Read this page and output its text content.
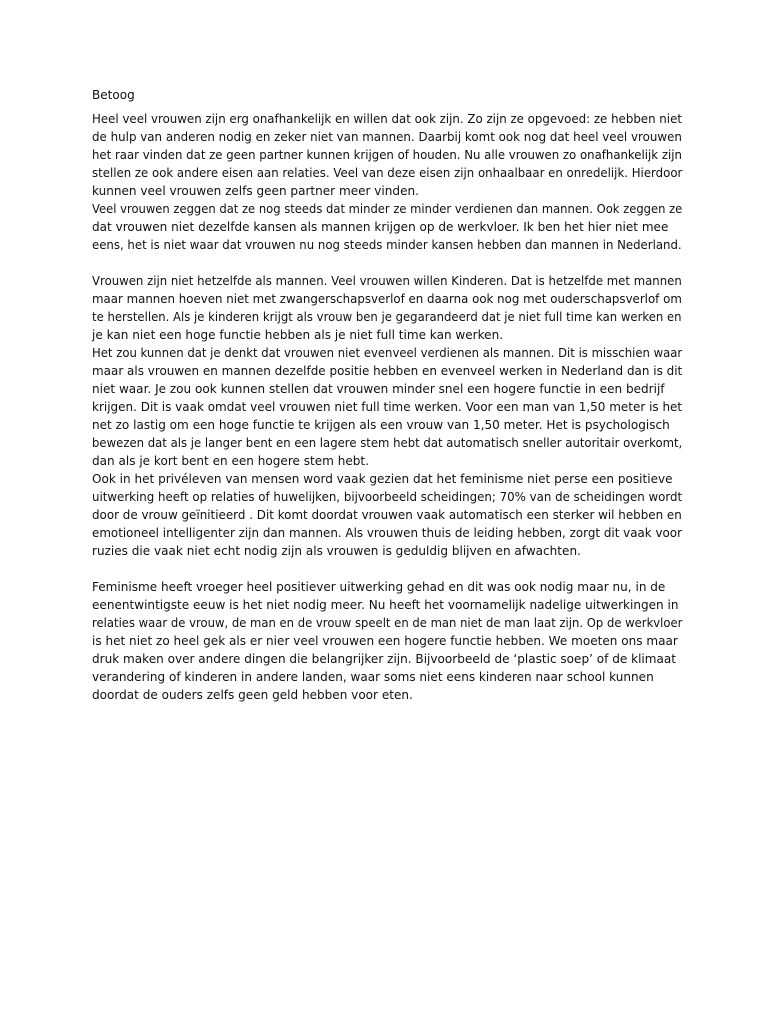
Betoog
Heel veel vrouwen zijn erg onafhankelijk en willen dat ook zijn. Zo zijn ze opgevoed: ze hebben niet
de hulp van anderen nodig en zeker niet van mannen. Daarbij komt ook nog dat heel veel vrouwen
het raar vinden dat ze geen partner kunnen krijgen of houden. Nu alle vrouwen zo onafhankelijk zijn
stellen ze ook andere eisen aan relaties. Veel van deze eisen zijn onhaalbaar en onredelijk. Hierdoor
kunnen veel vrouwen zelfs geen partner meer vinden.
Veel vrouwen zeggen dat ze nog steeds dat minder ze minder verdienen dan mannen. Ook zeggen ze
dat vrouwen niet dezelfde kansen als mannen krijgen op de werkvloer. Ik ben het hier niet mee
eens, het is niet waar dat vrouwen nu nog steeds minder kansen hebben dan mannen in Nederland.
Vrouwen zijn niet hetzelfde als mannen. Veel vrouwen willen Kinderen. Dat is hetzelfde met mannen
maar mannen hoeven niet met zwangerschapsverlof en daarna ook nog met ouderschapsverlof om
te herstellen. Als je kinderen krijgt als vrouw ben je gegarandeerd dat je niet full time kan werken en
je kan niet een hoge functie hebben als je niet full time kan werken.
Het zou kunnen dat je denkt dat vrouwen niet evenveel verdienen als mannen. Dit is misschien waar
maar als vrouwen en mannen dezelfde positie hebben en evenveel werken in Nederland dan is dit
niet waar. Je zou ook kunnen stellen dat vrouwen minder snel een hogere functie in een bedrijf
krijgen. Dit is vaak omdat veel vrouwen niet full time werken. Voor een man van 1,50 meter is het
net zo lastig om een hoge functie te krijgen als een vrouw van 1,50 meter. Het is psychologisch
bewezen dat als je langer bent en een lagere stem hebt dat automatisch sneller autoritair overkomt,
dan als je kort bent en een hogere stem hebt.
Ook in het privéleven van mensen word vaak gezien dat het feminisme niet perse een positieve
uitwerking heeft op relaties of huwelijken, bijvoorbeeld scheidingen; 70% van de scheidingen wordt
door de vrouw geïnitieerd . Dit komt doordat vrouwen vaak automatisch een sterker wil hebben en
emotioneel intelligenter zijn dan mannen. Als vrouwen thuis de leiding hebben, zorgt dit vaak voor
ruzies die vaak niet echt nodig zijn als vrouwen is geduldig blijven en afwachten.
Feminisme heeft vroeger heel positiever uitwerking gehad en dit was ook nodig maar nu, in de
eenentwintigste eeuw is het niet nodig meer. Nu heeft het voornamelijk nadelige uitwerkingen in
relaties waar de vrouw, de man en de vrouw speelt en de man niet de man laat zijn. Op de werkvloer
is het niet zo heel gek als er nier veel vrouwen een hogere functie hebben. We moeten ons maar
druk maken over andere dingen die belangrijker zijn. Bijvoorbeeld de ‘plastic soep’ of de klimaat
verandering of kinderen in andere landen, waar soms niet eens kinderen naar school kunnen
doordat de ouders zelfs geen geld hebben voor eten.
